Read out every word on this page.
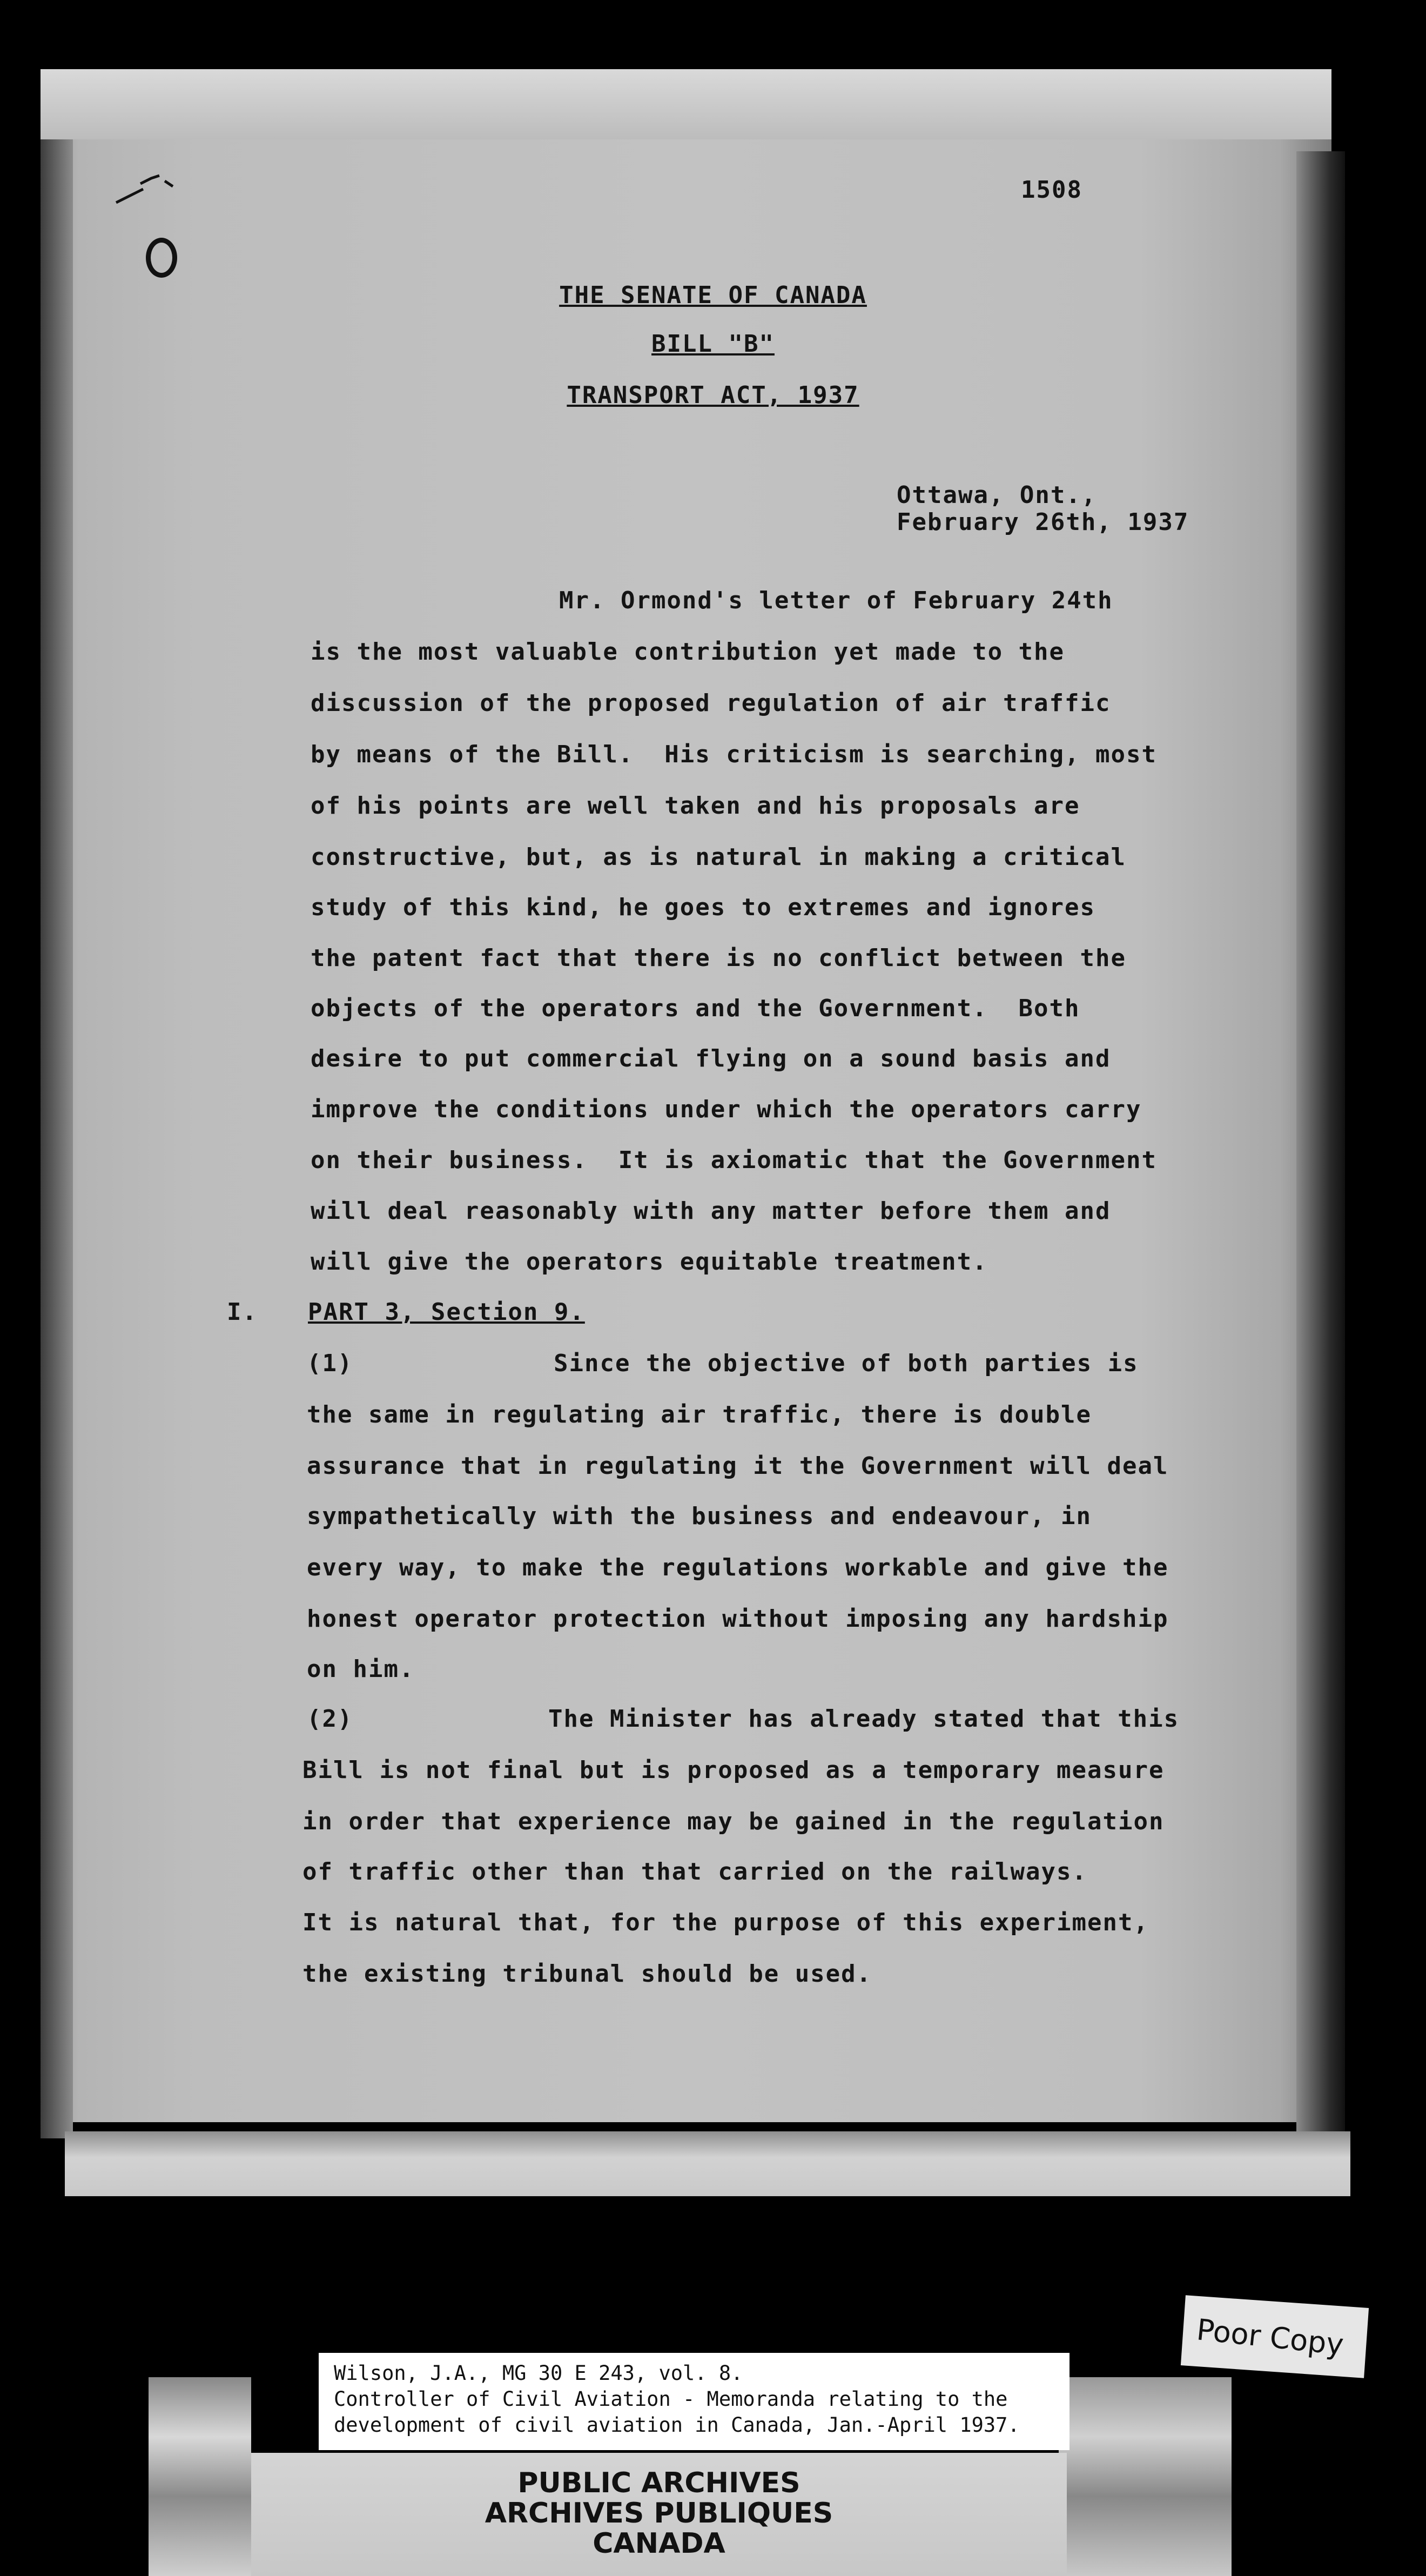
1508

THE SENATE OF CANADA

BILL "B"

TRANSPORT ACT, 1937

Ottawa, Ont.,

February 26th, 1937

Mr. Ormond's letter of February 24th

is the most valuable contribution yet made to the

discussion of the proposed regulation of air traffic

by means of the Bill.  His criticism is searching, most

of his points are well taken and his proposals are

constructive, but, as is natural in making a critical

study of this kind, he goes to extremes and ignores

the patent fact that there is no conflict between the

objects of the operators and the Government.  Both

desire to put commercial flying on a sound basis and

improve the conditions under which the operators carry

on their business.  It is axiomatic that the Government

will deal reasonably with any matter before them and

will give the operators equitable treatment.

I. PART 3, Section 9.

(1)	Since the objective of both parties is

the same in regulating air traffic, there is double

assurance that in regulating it the Government will deal

sympathetically with the business and endeavour, in

every way, to make the regulations workable and give the

honest operator protection without imposing any hardship

on him.

(2)	The Minister has already stated that this

Bill is not final but is proposed as a temporary measure

in order that experience may be gained in the regulation

of traffic other than that carried on the railways.

It is natural that, for the purpose of this experiment,

the existing tribunal should be used.

Wilson, J.A., MG 30 E 243, vol. 8.

Controller of Civil Aviation - Memoranda relating to the

development of civil aviation in Canada, Jan.-April 1937.

PUBLIC ARCHIVES
ARCHIVES PUBLIQUES
CANADA
Poor Copy
